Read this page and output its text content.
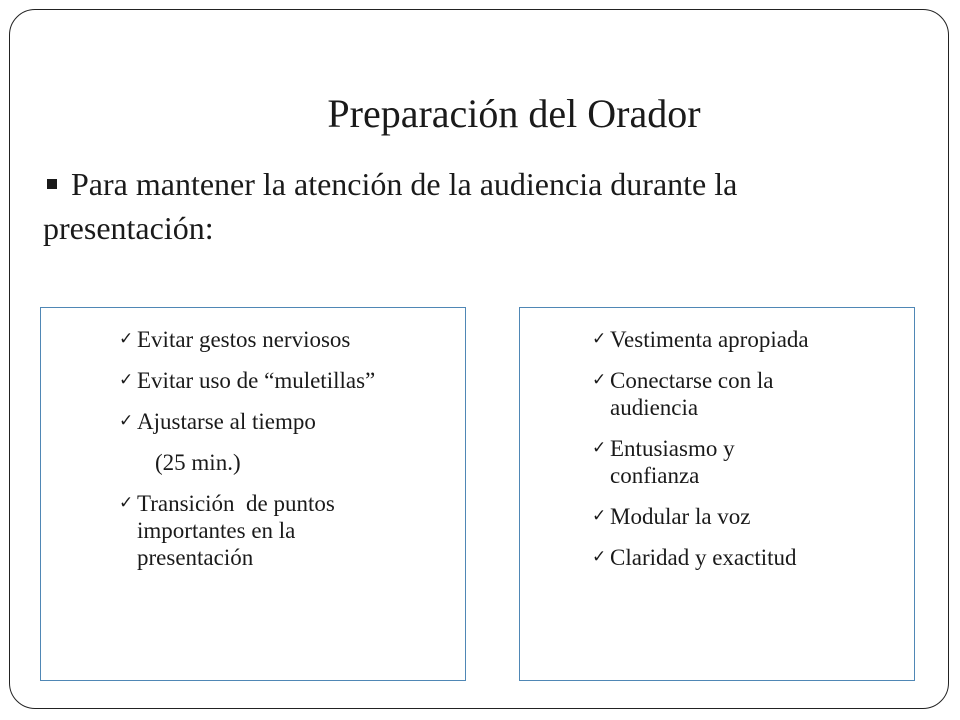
Preparación del Orador
Para mantener la atención de la audiencia durante la presentación:
✓ Evitar gestos nerviosos
✓ Evitar uso de “muletillas”
✓ Ajustarse al tiempo
(25 min.)
✓ Transición  de puntos importantes en la presentación
✓ Vestimenta apropiada
✓ Conectarse con la audiencia
✓ Entusiasmo y confianza
✓ Modular la voz
✓ Claridad y exactitud
